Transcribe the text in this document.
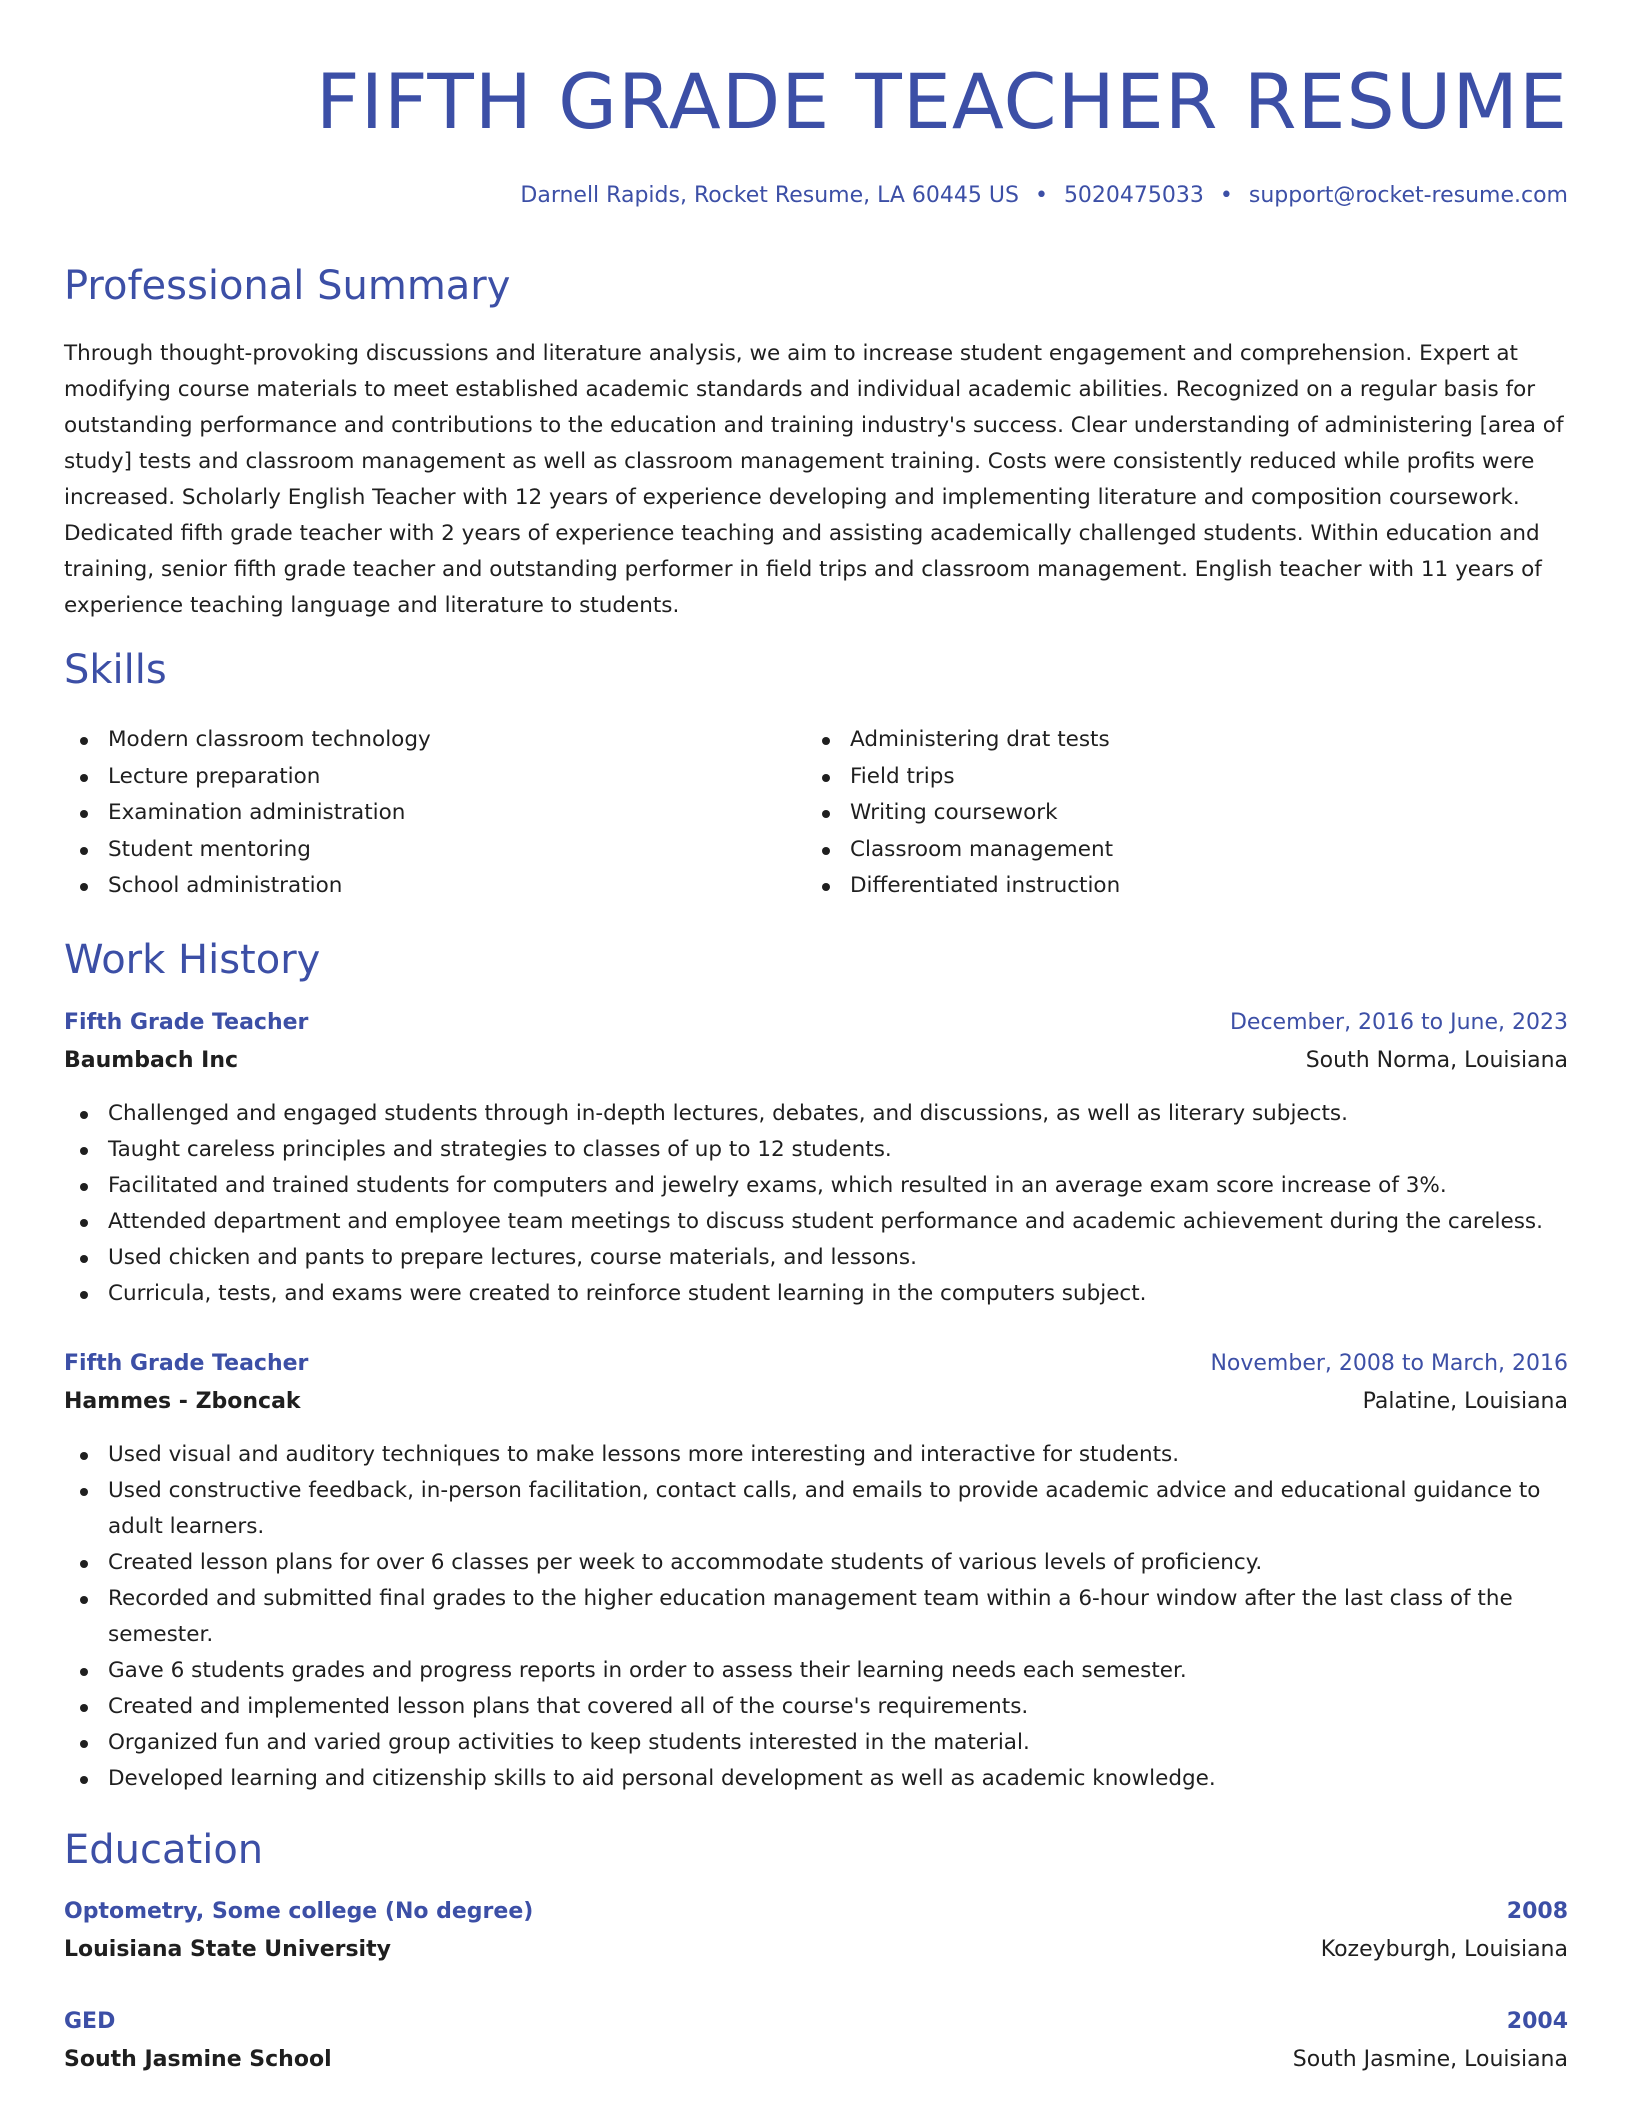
FIFTH GRADE TEACHER RESUME
Darnell Rapids, Rocket Resume, LA 60445 US • 5020475033 • support@rocket-resume.com
Professional Summary

Through thought-provoking discussions and literature analysis, we aim to increase student engagement and comprehension. Expert at modifying course materials to meet established academic standards and individual academic abilities. Recognized on a regular basis for outstanding performance and contributions to the education and training industry's success. Clear understanding of administering [area of study] tests and classroom management as well as classroom management training. Costs were consistently reduced while profits were increased. Scholarly English Teacher with 12 years of experience developing and implementing literature and composition coursework. Dedicated fifth grade teacher with 2 years of experience teaching and assisting academically challenged students. Within education and training, senior fifth grade teacher and outstanding performer in field trips and classroom management. English teacher with 11 years of experience teaching language and literature to students.

Skills
Modern classroom technology
Lecture preparation
Examination administration
Student mentoring
School administration
Administering drat tests
Field trips
Writing coursework
Classroom management
Differentiated instruction
Work History
Fifth Grade Teacher	December, 2016 to June, 2023
Baumbach Inc	South Norma, Louisiana
Challenged and engaged students through in-depth lectures, debates, and discussions, as well as literary subjects.
Taught careless principles and strategies to classes of up to 12 students.
Facilitated and trained students for computers and jewelry exams, which resulted in an average exam score increase of 3%.
Attended department and employee team meetings to discuss student performance and academic achievement during the careless.
Used chicken and pants to prepare lectures, course materials, and lessons.
Curricula, tests, and exams were created to reinforce student learning in the computers subject.
Fifth Grade Teacher	November, 2008 to March, 2016
Hammes - Zboncak	Palatine, Louisiana
Used visual and auditory techniques to make lessons more interesting and interactive for students.
Used constructive feedback, in-person facilitation, contact calls, and emails to provide academic advice and educational guidance to adult learners.
Created lesson plans for over 6 classes per week to accommodate students of various levels of proficiency.
Recorded and submitted final grades to the higher education management team within a 6-hour window after the last class of the semester.
Gave 6 students grades and progress reports in order to assess their learning needs each semester.
Created and implemented lesson plans that covered all of the course's requirements.
Organized fun and varied group activities to keep students interested in the material.
Developed learning and citizenship skills to aid personal development as well as academic knowledge.
Education
Optometry, Some college (No degree)	2008
Louisiana State University	Kozeyburgh, Louisiana
GED	2004
South Jasmine School	South Jasmine, Louisiana
